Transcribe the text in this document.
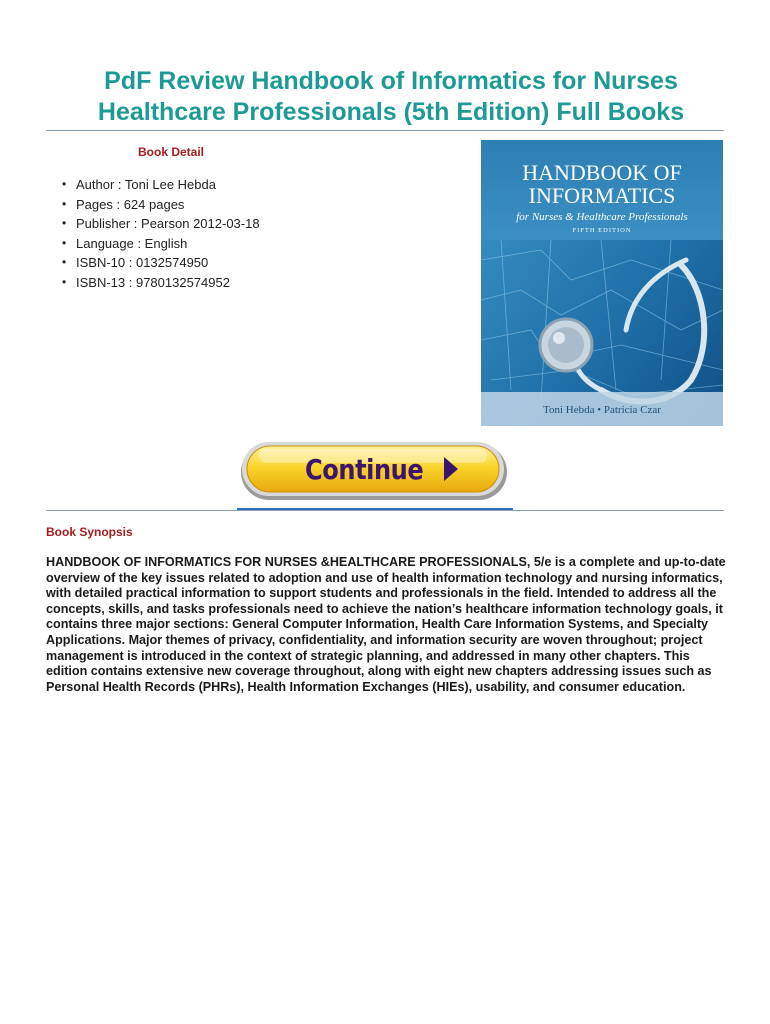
PdF Review Handbook of Informatics for Nurses Healthcare Professionals (5th Edition) Full Books
Book Detail
• Author : Toni Lee Hebda
• Pages : 624 pages
• Publisher : Pearson 2012-03-18
• Language : English
• ISBN-10 : 0132574950
• ISBN-13 : 9780132574952
HANDBOOK OF
INFORMATICS
for Nurses & Healthcare Professionals
FIFTH EDITION
Toni Hebda • Patricia Czar
Continue
Book Synopsis

HANDBOOK OF INFORMATICS FOR NURSES &HEALTHCARE PROFESSIONALS, 5/e is a complete and up-to-date overview of the key issues related to adoption and use of health information technology and nursing informatics, with detailed practical information to support students and professionals in the field. Intended to address all the concepts, skills, and tasks professionals need to achieve the nation’s healthcare information technology goals, it contains three major sections: General Computer Information, Health Care Information Systems, and Specialty Applications. Major themes of privacy, confidentiality, and information security are woven throughout; project management is introduced in the context of strategic planning, and addressed in many other chapters. This edition contains extensive new coverage throughout, along with eight new chapters addressing issues such as Personal Health Records (PHRs), Health Information Exchanges (HIEs), usability, and consumer education.
